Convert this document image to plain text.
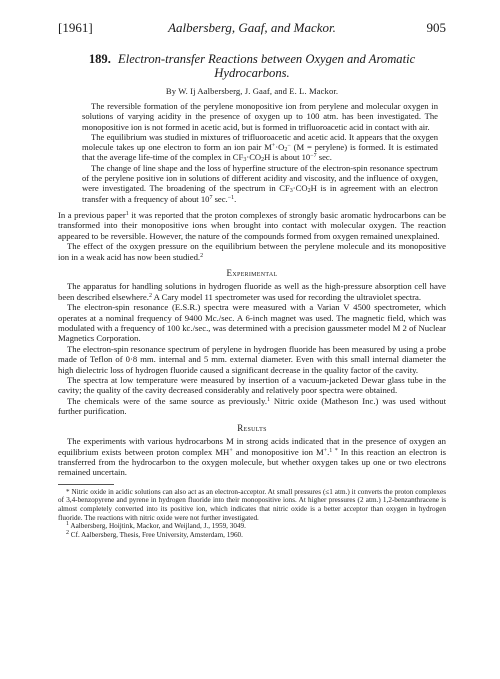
[1961]	Aalbersberg, Gaaf, and Mackor.	905
189. Electron-transfer Reactions between Oxygen and Aromatic Hydrocarbons.
By W. Ij Aalbersberg, J. Gaaf, and E. L. Mackor.

The reversible formation of the perylene monopositive ion from perylene and molecular oxygen in solutions of varying acidity in the presence of oxygen up to 100 atm. has been investigated. The monopositive ion is not formed in acetic acid, but is formed in trifluoroacetic acid in contact with air.

The equilibrium was studied in mixtures of trifluoroacetic and acetic acid. It appears that the oxygen molecule takes up one electron to form an ion pair $M^+\cdot O_2^-$ (M = perylene) is formed. It is estimated that the average life-time of the complex in $CF_3\cdot CO_2H$ is about $10^{-7}$ sec.

The change of line shape and the loss of hyperfine structure of the electron-spin resonance spectrum of the perylene positive ion in solutions of different acidity and viscosity, and the influence of oxygen, were investigated. The broadening of the spectrum in $CF_3\cdot CO_2H$ is in agreement with an electron transfer with a frequency of about $10^7$ sec.$^{-1}$.

In a previous paper$^1$ it was reported that the proton complexes of strongly basic aromatic hydrocarbons can be transformed into their monopositive ions when brought into contact with molecular oxygen. The reaction appeared to be reversible. However, the nature of the compounds formed from oxygen remained unexplained.

The effect of the oxygen pressure on the equilibrium between the perylene molecule and its monopositive ion in a weak acid has now been studied.$^2$

Experimental

The apparatus for handling solutions in hydrogen fluoride as well as the high-pressure absorption cell have been described elsewhere.$^2$ A Cary model 11 spectrometer was used for recording the ultraviolet spectra.

The electron-spin resonance (E.S.R.) spectra were measured with a Varian V 4500 spectrometer, which operates at a nominal frequency of 9400 Mc./sec. A 6-inch magnet was used. The magnetic field, which was modulated with a frequency of 100 kc./sec., was determined with a precision gaussmeter model M 2 of Nuclear Magnetics Corporation.

The electron-spin resonance spectrum of perylene in hydrogen fluoride has been measured by using a probe made of Teflon of 0·8 mm. internal and 5 mm. external diameter. Even with this small internal diameter the high dielectric loss of hydrogen fluoride caused a significant decrease in the quality factor of the cavity.

The spectra at low temperature were measured by insertion of a vacuum-jacketed Dewar glass tube in the cavity; the quality of the cavity decreased considerably and relatively poor spectra were obtained.

The chemicals were of the same source as previously.$^1$ Nitric oxide (Matheson Inc.) was used without further purification.

Results

The experiments with various hydrocarbons M in strong acids indicated that in the presence of oxygen an equilibrium exists between proton complex MH+ and monopositive ion M+.$^{1 *}$ In this reaction an electron is transferred from the hydrocarbon to the oxygen molecule, but whether oxygen takes up one or two electrons remained uncertain.

* Nitric oxide in acidic solutions can also act as an electron-acceptor. At small pressures (≤1 atm.) it converts the proton complexes of 3,4-benzopyrene and pyrene in hydrogen fluoride into their monopositive ions. At higher pressures (2 atm.) 1,2-benzanthracene is almost completely converted into its positive ion, which indicates that nitric oxide is a better acceptor than oxygen in hydrogen fluoride. The reactions with nitric oxide were not further investigated.

$^1$ Aalbersberg, Hoijtink, Mackor, and Weijland, J., 1959, 3049.

$^2$ Cf. Aalbersberg, Thesis, Free University, Amsterdam, 1960.
